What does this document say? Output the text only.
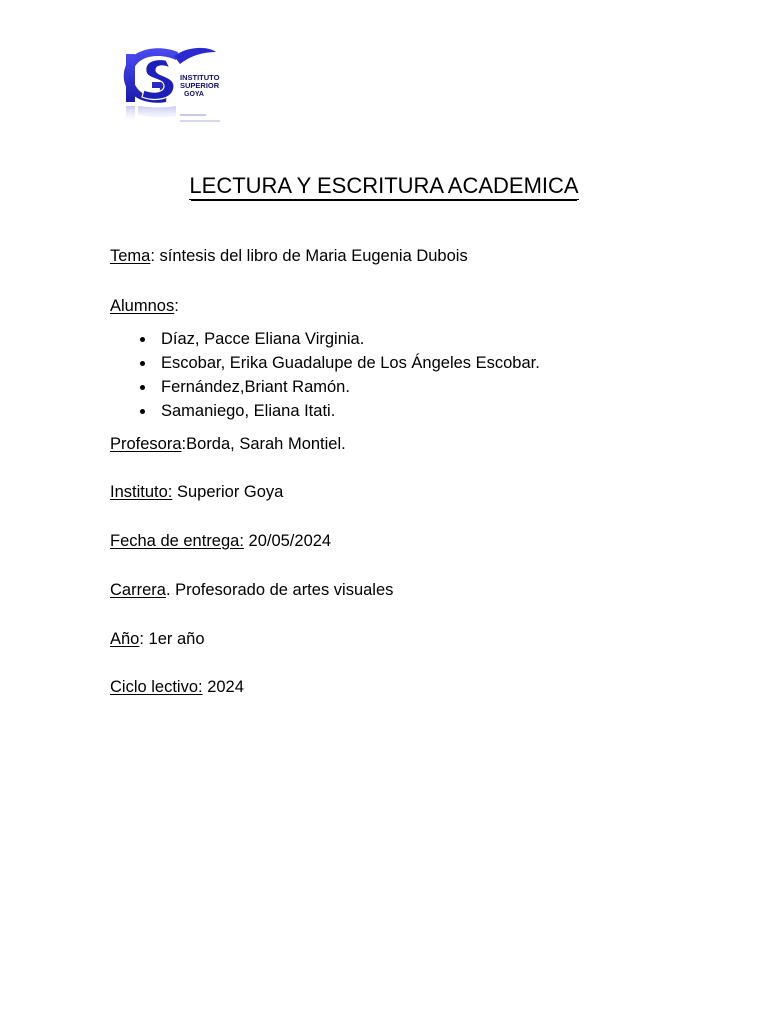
INSTITUTO
SUPERIOR
GOYA
LECTURA Y ESCRITURA ACADEMICA
Tema: síntesis del libro de Maria Eugenia Dubois
Alumnos:
Díaz, Pacce Eliana Virginia.
Escobar, Erika Guadalupe de Los Ángeles Escobar.
Fernández,Briant Ramón.
Samaniego, Eliana Itati.
Profesora:Borda, Sarah Montiel.
Instituto: Superior Goya
Fecha de entrega: 20/05/2024
Carrera. Profesorado de artes visuales
Año: 1er año
Ciclo lectivo: 2024
